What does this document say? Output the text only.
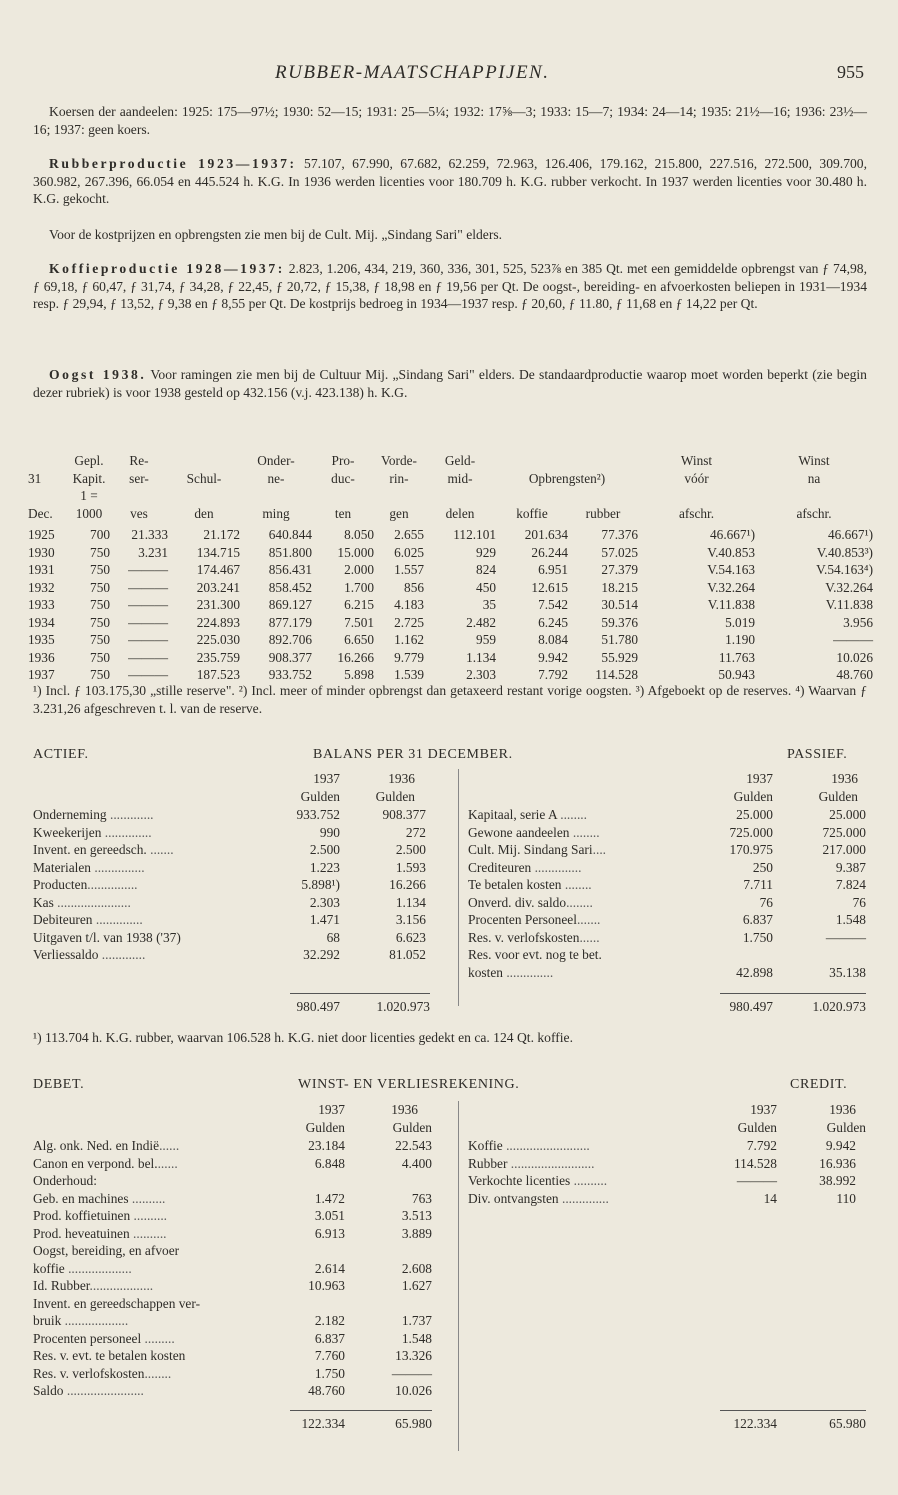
RUBBER-MAATSCHAPPIJEN.	955
Koersen der aandeelen: 1925: 175—97½; 1930: 52—15; 1931: 25—5¼; 1932: 17⅝—3; 1933: 15—7; 1934: 24—14; 1935: 21½—16; 1936: 23½—16; 1937: geen koers.
Rubberproductie 1923—1937: 57.107, 67.990, 67.682, 62.259, 72.963, 126.406, 179.162, 215.800, 227.516, 272.500, 309.700, 360.982, 267.396, 66.054 en 445.524 h. K.G. In 1936 werden licenties voor 180.709 h. K.G. rubber verkocht. In 1937 werden licenties voor 30.480 h. K.G. gekocht.
Voor de kostprijzen en opbrengsten zie men bij de Cult. Mij. „Sindang Sari" elders.
Koffieproductie 1928—1937: 2.823, 1.206, 434, 219, 360, 336, 301, 525, 523⅞ en 385 Qt. met een gemiddelde opbrengst van ƒ 74,98, ƒ 69,18, ƒ 60,47, ƒ 31,74, ƒ 34,28, ƒ 22,45, ƒ 20,72, ƒ 15,38, ƒ 18,98 en ƒ 19,56 per Qt. De oogst-, bereiding- en afvoerkosten beliepen in 1931—1934 resp. ƒ 29,94, ƒ 13,52, ƒ 9,38 en ƒ 8,55 per Qt. De kostprijs bedroeg in 1934—1937 resp. ƒ 20,60, ƒ 11.80, ƒ 11,68 en ƒ 14,22 per Qt.
Oogst 1938. Voor ramingen zie men bij de Cultuur Mij. „Sindang Sari" elders. De standaardproductie waarop moet worden beperkt (zie begin dezer rubriek) is voor 1938 gesteld op 432.156 (v.j. 423.138) h. K.G.
	Gepl.	Re-		Onder-	Pro-	Vorde-	Geld-			Winst	Winst
31	Kapit.	ser-	Schul-	ne-	duc-	rin-	mid-	Opbrengsten²)		vóór	na
Dec.	1 = 1000	ves	den	ming	ten	gen	delen	koffie	rubber	afschr.	afschr.
1925	700	21.333	21.172	640.844	8.050	2.655	112.101	201.634	77.376	46.667¹)	46.667¹)
1930	750	3.231	134.715	851.800	15.000	6.025	929	26.244	57.025	V.40.853	V.40.853³)
1931	750	———	174.467	856.431	2.000	1.557	824	6.951	27.379	V.54.163	V.54.163⁴)
1932	750	———	203.241	858.452	1.700	856	450	12.615	18.215	V.32.264	V.32.264
1933	750	———	231.300	869.127	6.215	4.183	35	7.542	30.514	V.11.838	V.11.838
1934	750	———	224.893	877.179	7.501	2.725	2.482	6.245	59.376	5.019	3.956
1935	750	———	225.030	892.706	6.650	1.162	959	8.084	51.780	1.190	———
1936	750	———	235.759	908.377	16.266	9.779	1.134	9.942	55.929	11.763	10.026
1937	750	———	187.523	933.752	5.898	1.539	2.303	7.792	114.528	50.943	48.760
¹) Incl. ƒ 103.175,30 „stille reserve". ²) Incl. meer of minder opbrengst dan getaxeerd restant vorige oogsten. ³) Afgeboekt op de reserves. ⁴) Waarvan ƒ 3.231,26 afgeschreven t. l. van de reserve.
ACTIEF.	BALANS PER 31 DECEMBER.	PASSIEF.
1937	1936
Gulden	Gulden
1937	1936
Gulden	Gulden
Onderneming .............	933.752	908.377
Kweekerijen ..............	990	272
Invent. en gereedsch. .......	2.500	2.500
Materialen ...............	1.223	1.593
Producten...............	5.898¹)	16.266
Kas ......................	2.303	1.134
Debiteuren ..............	1.471	3.156
Uitgaven t/l. van 1938 ('37)	68	6.623
Verliessaldo .............	32.292	81.052
Kapitaal, serie A ........	25.000	25.000
Gewone aandeelen ........	725.000	725.000
Cult. Mij. Sindang Sari....	170.975	217.000
Crediteuren ..............	250	9.387
Te betalen kosten ........	7.711	7.824
Onverd. div. saldo........	76	76
Procenten Personeel.......	6.837	1.548
Res. v. verlofskosten......	1.750	———
Res. voor evt. nog te bet.
kosten ..............	42.898	35.138
980.497	1.020.973	980.497	1.020.973
¹) 113.704 h. K.G. rubber, waarvan 106.528 h. K.G. niet door licenties gedekt en ca. 124 Qt. koffie.
DEBET.	WINST- EN VERLIESREKENING.	CREDIT.
1937	1936
Gulden	Gulden
1937	1936
Gulden	Gulden
Alg. onk. Ned. en Indië......	23.184	22.543
Canon en verpond. bel.......	6.848	4.400
Onderhoud:
Geb. en machines ..........	1.472	763
Prod. koffietuinen ..........	3.051	3.513
Prod. heveatuinen ..........	6.913	3.889
Oogst, bereiding, en afvoer
koffie ...................	2.614	2.608
Id. Rubber...................	10.963	1.627
Invent. en gereedschappen ver-
bruik ...................	2.182	1.737
Procenten personeel .........	6.837	1.548
Res. v. evt. te betalen kosten	7.760	13.326
Res. v. verlofskosten........	1.750	———
Saldo .......................	48.760	10.026
Koffie .........................	7.792	9.942
Rubber .........................	114.528	16.936
Verkochte licenties ..........	———	38.992
Div. ontvangsten ..............	14	110
122.334	65.980	122.334	65.980
